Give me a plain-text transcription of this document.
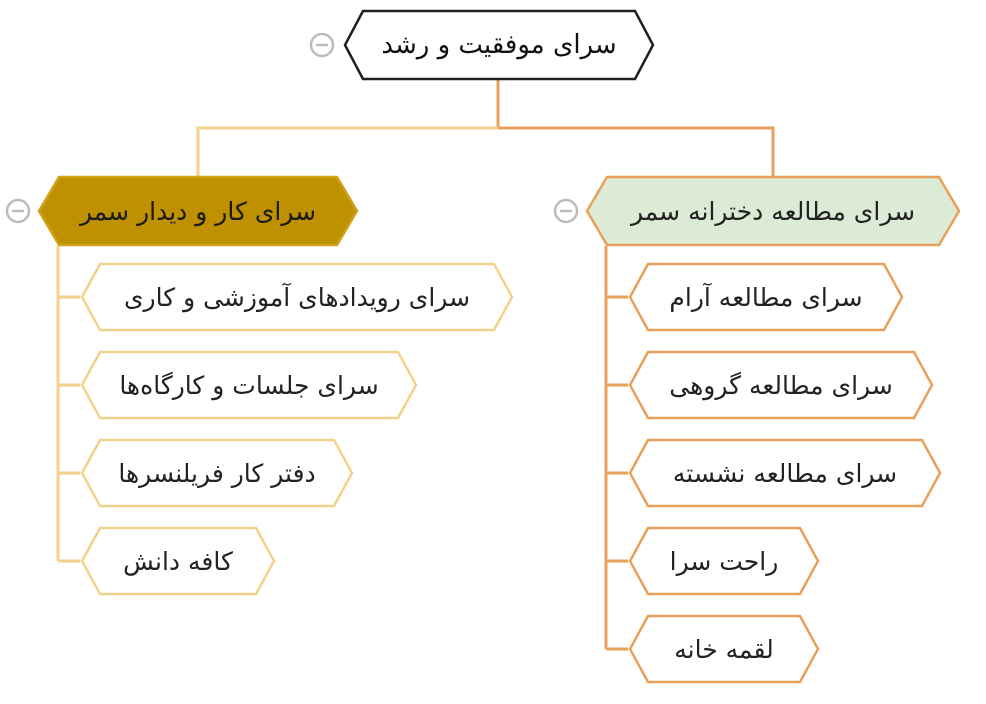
سرای موفقیت و رشد
سرای مطالعه دخترانه سمر
سرای مطالعه آرام
سرای مطالعه گروهی
سرای مطالعه نشسته
راحت سرا
لقمه خانه
سرای کار و دیدار سمر
سرای رویدادهای آموزشی و کاری
سرای جلسات و کارگاه‌ها
دفتر کار فریلنسرها
کافه دانش
